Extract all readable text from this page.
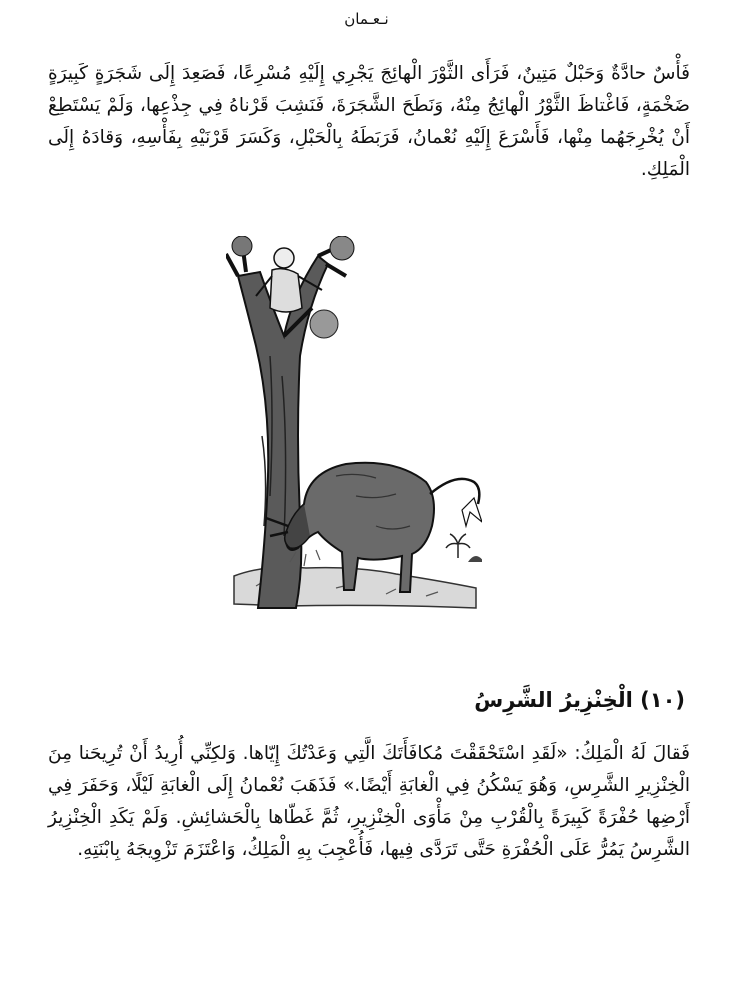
نـعـمان

فَأْسٌ حادَّةٌ وَحَبْلٌ مَتِينٌ، فَرَأَى الثَّوْرَ الْهائِجَ يَجْرِي إِلَيْهِ مُسْرِعًا، فَصَعِدَ إِلَى شَجَرَةٍ كَبِيرَةٍ ضَخْمَةٍ، فَاغْتاظَ الثَّوْرُ الْهائِجُ مِنْهُ، وَنَطَحَ الشَّجَرَةَ، فَنَشِبَ قَرْناهُ فِي جِذْعِها، وَلَمْ يَسْتَطِعْ أَنْ يُخْرِجَهُما مِنْها، فَأَسْرَعَ إِلَيْهِ نُعْمانُ، فَرَبَطَهُ بِالْحَبْلِ، وَكَسَرَ قَرْنَيْهِ بِفَأْسِهِ، وَقادَهُ إِلَى الْمَلِكِ.

(١٠) الْخِنْزِيرُ الشَّرِسُ

فَقالَ لَهُ الْمَلِكُ: «لَقَدِ اسْتَحْقَقْتَ مُكافَأَتَكَ الَّتِي وَعَدْتُكَ إِيّاها. وَلكِنِّي أُرِيدُ أَنْ تُرِيحَنا مِنَ الْخِنْزِيرِ الشَّرِسِ، وَهُوَ يَسْكُنُ فِي الْغابَةِ أَيْضًا.» فَذَهَبَ نُعْمانُ إِلَى الْغابَةِ لَيْلًا، وَحَفَرَ فِي أَرْضِها حُفْرَةً كَبِيرَةً بِالْقُرْبِ مِنْ مَأْوَى الْخِنْزِيرِ، ثُمَّ غَطّاها بِالْحَشائِشِ. وَلَمْ يَكَدِ الْخِنْزِيرُ الشَّرِسُ يَمُرُّ عَلَى الْحُفْرَةِ حَتَّى تَرَدَّى فِيها، فَأُعْجِبَ بِهِ الْمَلِكُ، وَاعْتَزَمَ تَزْوِيجَهُ بِابْنَتِهِ.
